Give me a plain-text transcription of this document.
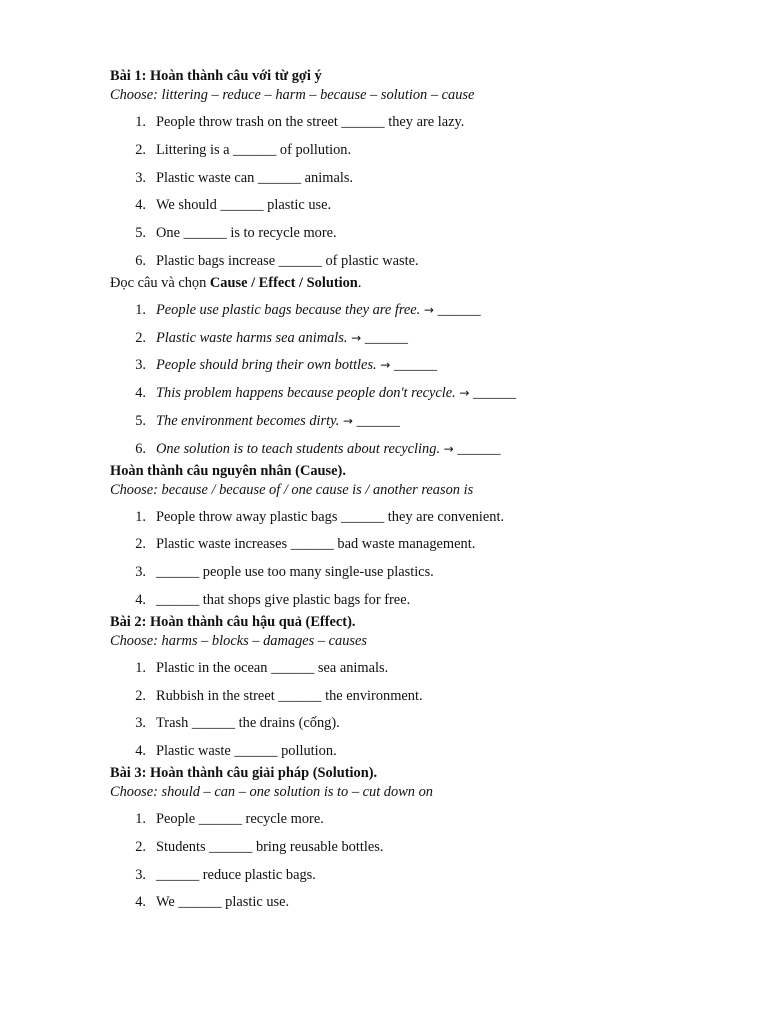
Bài 1: Hoàn thành câu với từ gợi ý
Choose: littering – reduce – harm – because – solution – cause
1 . People throw trash on the street ______ they are lazy.
2 . Littering is a ______ of pollution.
3 . Plastic waste can ______ animals.
4 . We should ______ plastic use.
5 . One ______ is to recycle more.
6 . Plastic bags increase ______ of plastic waste.
Đọc câu và chọn Cause / Effect / Solution.
1 . People use plastic bags because they are free. → ______
2 . Plastic waste harms sea animals. → ______
3 . People should bring their own bottles. → ______
4 . This problem happens because people don't recycle. → ______
5 . The environment becomes dirty. → ______
6 . One solution is to teach students about recycling. → ______
Hoàn thành câu nguyên nhân (Cause).
Choose: because / because of / one cause is / another reason is
1 . People throw away plastic bags ______ they are convenient.
2 . Plastic waste increases ______ bad waste management.
3 . ______ people use too many single-use plastics.
4 . ______ that shops give plastic bags for free.
Bài 2: Hoàn thành câu hậu quả (Effect).
Choose: harms – blocks – damages – causes
1 . Plastic in the ocean ______ sea animals.
2 . Rubbish in the street ______ the environment.
3 . Trash ______ the drains (cống).
4 . Plastic waste ______ pollution.
Bài 3: Hoàn thành câu giải pháp (Solution).
Choose: should – can – one solution is to – cut down on
1 . People ______ recycle more.
2 . Students ______ bring reusable bottles.
3 . ______ reduce plastic bags.
4 . We ______ plastic use.
